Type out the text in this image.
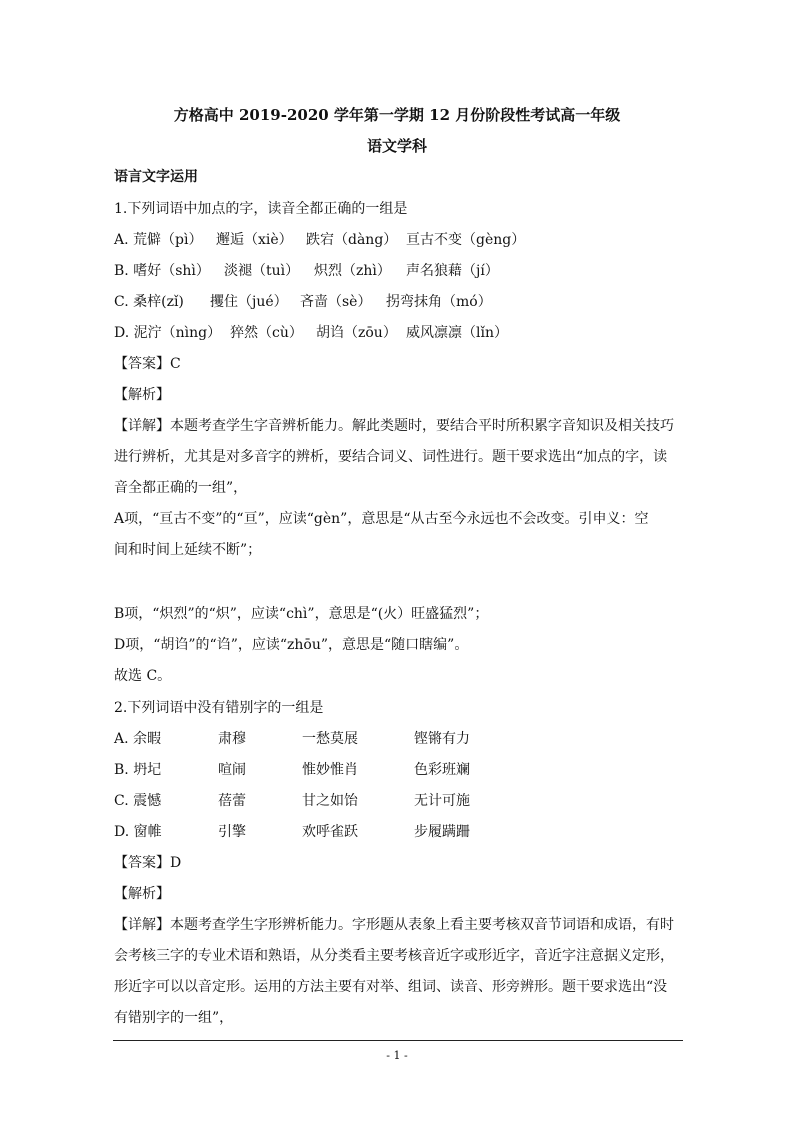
方格高中 2019-2020 学年第一学期 12 月份阶段性考试高一年级
语文学科
语言文字运用
1.下列词语中加点的字，读音全都正确的一组是
A. 荒僻（pì） 邂逅（xiè） 跌宕（dàng） 亘古不变（gèng）
B. 嗜好（shì） 淡褪（tuì） 炽烈（zhì） 声名狼藉（jí）
C. 桑梓(zǐ) 攫住（jué） 吝啬（sè） 拐弯抹角（mó）
D. 泥泞（nìng） 猝然（cù） 胡诌（zōu） 威风凛凛（lǐn）
【答案】C
【解析】
【详解】本题考查学生字音辨析能力。解此类题时，要结合平时所积累字音知识及相关技巧
进行辨析，尤其是对多音字的辨析，要结合词义、词性进行。题干要求选出“加点的字，读
音全都正确的一组”，
A项，“亘古不变”的“亘”，应读“gèn”，意思是“从古至今永远也不会改变。引申义：空
间和时间上延续不断”；
B项，“炽烈”的“炽”，应读“chì”，意思是“(火）旺盛猛烈”；
D项，“胡诌”的“诌”，应读“zhōu”，意思是“随口瞎编”。
故选 C。
2.下列词语中没有错别字的一组是
A. 余暇	肃穆	一愁莫展	铿锵有力
B. 坍圮	喧闹	惟妙惟肖	色彩班斓
C. 震憾	蓓蕾	甘之如饴	无计可施
D. 窗帷	引擎	欢呼雀跃	步履蹒跚
【答案】D
【解析】
【详解】本题考查学生字形辨析能力。字形题从表象上看主要考核双音节词语和成语，有时
会考核三字的专业术语和熟语，从分类看主要考核音近字或形近字，音近字注意据义定形，
形近字可以以音定形。运用的方法主要有对举、组词、读音、形旁辨形。题干要求选出“没
有错别字的一组”，
- 1 -
